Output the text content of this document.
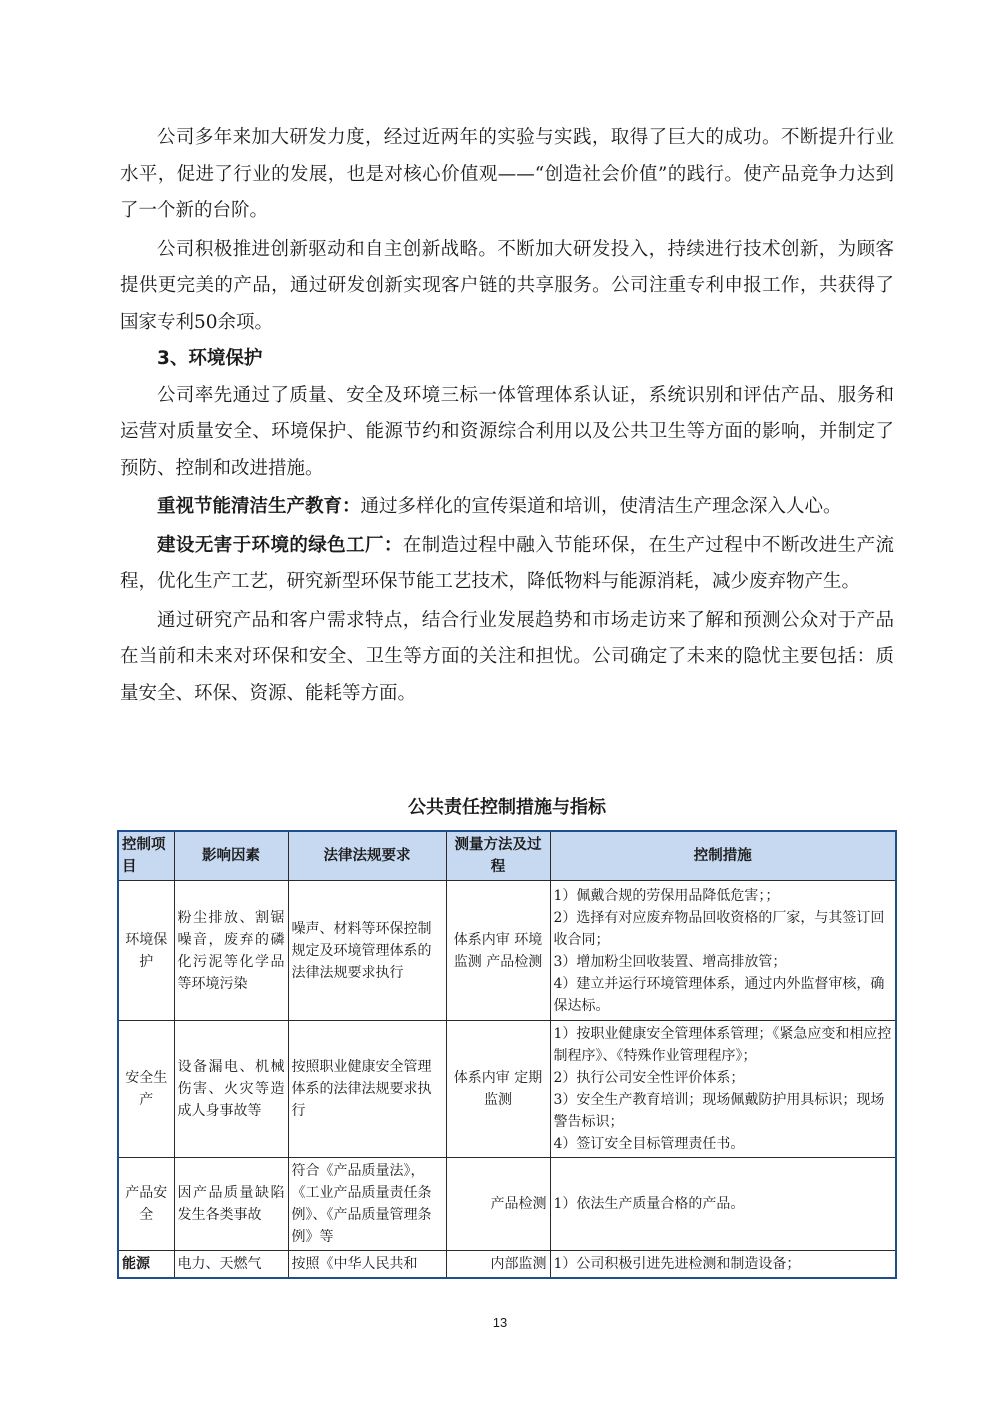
公司多年来加大研发力度，经过近两年的实验与实践，取得了巨大的成功。不断提升行业水平，促进了行业的发展，也是对核心价值观——“创造社会价值”的践行。使产品竞争力达到了一个新的台阶。

公司积极推进创新驱动和自主创新战略。不断加大研发投入，持续进行技术创新，为顾客提供更完美的产品，通过研发创新实现客户链的共享服务。公司注重专利申报工作，共获得了国家专利50余项。

3、环境保护

公司率先通过了质量、安全及环境三标一体管理体系认证，系统识别和评估产品、服务和运营对质量安全、环境保护、能源节约和资源综合利用以及公共卫生等方面的影响，并制定了预防、控制和改进措施。

重视节能清洁生产教育：通过多样化的宣传渠道和培训，使清洁生产理念深入人心。

建设无害于环境的绿色工厂：在制造过程中融入节能环保，在生产过程中不断改进生产流程，优化生产工艺，研究新型环保节能工艺技术，降低物料与能源消耗，减少废弃物产生。

通过研究产品和客户需求特点，结合行业发展趋势和市场走访来了解和预测公众对于产品在当前和未来对环保和安全、卫生等方面的关注和担忧。公司确定了未来的隐忧主要包括：质量安全、环保、资源、能耗等方面。

公共责任控制措施与指标
控制项目	影响因素	法律法规要求	测量方法及过程	控制措施
环境保护	粉尘排放、割锯噪音，废弃的磷化污泥等化学品等环境污染	噪声、材料等环保控制规定及环境管理体系的法律法规要求执行	体系内审 环境监测 产品检测	1）佩戴合规的劳保用品降低危害；；
2）选择有对应废弃物品回收资格的厂家，与其签订回收合同；
3）增加粉尘回收装置、增高排放管；
4）建立并运行环境管理体系，通过内外监督审核，确保达标。

安全生产	设备漏电、机械伤害、火灾等造成人身事故等	按照职业健康安全管理体系的法律法规要求执行	体系内审 定期监测	1）按职业健康安全管理体系管理；《紧急应变和相应控制程序》、《特殊作业管理程序》；
2）执行公司安全性评价体系；
3）安全生产教育培训；现场佩戴防护用具标识；现场警告标识；
4）签订安全目标管理责任书。

产品安全	因产品质量缺陷发生各类事故	符合《产品质量法》，《工业产品质量责任条例》、《产品质量管理条例》等	产品检测	1）依法生产质量合格的产品。

能源	电力、天燃气	按照《中华人民共和	内部监测	1）公司积极引进先进检测和制造设备；
13
